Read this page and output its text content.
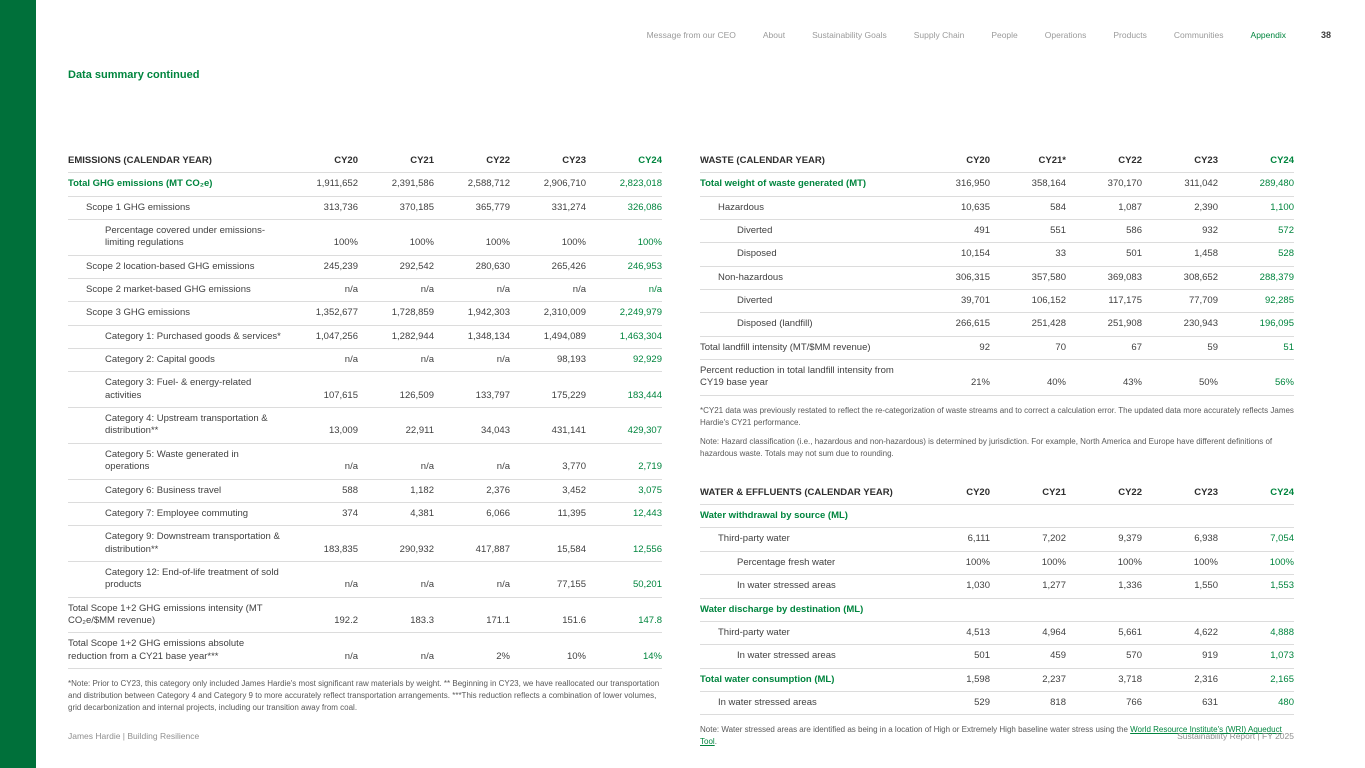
Message from our CEO	About	Sustainability Goals	Supply Chain	People	Operations	Products	Communities	Appendix	38
Data summary continued
EMISSIONS (CALENDAR YEAR)	CY20	CY21	CY22	CY23	CY24
Total GHG emissions (MT CO₂e)	1,911,652	2,391,586	2,588,712	2,906,710	2,823,018
Scope 1 GHG emissions	313,736	370,185	365,779	331,274	326,086
Percentage covered under emissions-limiting regulations	100%	100%	100%	100%	100%
Scope 2 location-based GHG emissions	245,239	292,542	280,630	265,426	246,953
Scope 2 market-based GHG emissions	n/a	n/a	n/a	n/a	n/a
Scope 3 GHG emissions	1,352,677	1,728,859	1,942,303	2,310,009	2,249,979
Category 1: Purchased goods & services*	1,047,256	1,282,944	1,348,134	1,494,089	1,463,304
Category 2: Capital goods	n/a	n/a	n/a	98,193	92,929
Category 3: Fuel- & energy-related activities	107,615	126,509	133,797	175,229	183,444
Category 4: Upstream transportation & distribution**	13,009	22,911	34,043	431,141	429,307
Category 5: Waste generated in operations	n/a	n/a	n/a	3,770	2,719
Category 6: Business travel	588	1,182	2,376	3,452	3,075
Category 7: Employee commuting	374	4,381	6,066	11,395	12,443
Category 9: Downstream transportation & distribution**	183,835	290,932	417,887	15,584	12,556
Category 12: End-of-life treatment of sold products	n/a	n/a	n/a	77,155	50,201
Total Scope 1+2 GHG emissions intensity (MT CO₂e/$MM revenue)	192.2	183.3	171.1	151.6	147.8
Total Scope 1+2 GHG emissions absolute reduction from a CY21 base year***	n/a	n/a	2%	10%	14%

*Note: Prior to CY23, this category only included James Hardie's most significant raw materials by weight. ** Beginning in CY23, we have reallocated our transportation and distribution between Category 4 and Category 9 to more accurately reflect transportation arrangements. ***This reduction reflects a combination of lower volumes, grid decarbonization and internal projects, including our transition away from coal.

WASTE (CALENDAR YEAR)	CY20	CY21*	CY22	CY23	CY24
Total weight of waste generated (MT)	316,950	358,164	370,170	311,042	289,480
Hazardous	10,635	584	1,087	2,390	1,100
Diverted	491	551	586	932	572
Disposed	10,154	33	501	1,458	528
Non-hazardous	306,315	357,580	369,083	308,652	288,379
Diverted	39,701	106,152	117,175	77,709	92,285
Disposed (landfill)	266,615	251,428	251,908	230,943	196,095
Total landfill intensity (MT/$MM revenue)	92	70	67	59	51
Percent reduction in total landfill intensity from CY19 base year	21%	40%	43%	50%	56%

*CY21 data was previously restated to reflect the re-categorization of waste streams and to correct a calculation error. The updated data more accurately reflects James Hardie's CY21 performance.

Note: Hazard classification (i.e., hazardous and non-hazardous) is determined by jurisdiction. For example, North America and Europe have different definitions of hazardous waste. Totals may not sum due to rounding.

WATER & EFFLUENTS (CALENDAR YEAR)	CY20	CY21	CY22	CY23	CY24
Water withdrawal by source (ML)					
Third-party water	6,111	7,202	9,379	6,938	7,054
Percentage fresh water	100%	100%	100%	100%	100%
In water stressed areas	1,030	1,277	1,336	1,550	1,553
Water discharge by destination (ML)					
Third-party water	4,513	4,964	5,661	4,622	4,888
In water stressed areas	501	459	570	919	1,073
Total water consumption (ML)	1,598	2,237	3,718	2,316	2,165
In water stressed areas	529	818	766	631	480

Note: Water stressed areas are identified as being in a location of High or Extremely High baseline water stress using the World Resource Institute's (WRI) Aqueduct Tool.

James Hardie | Building Resilience	Sustainability Report | FY 2025
